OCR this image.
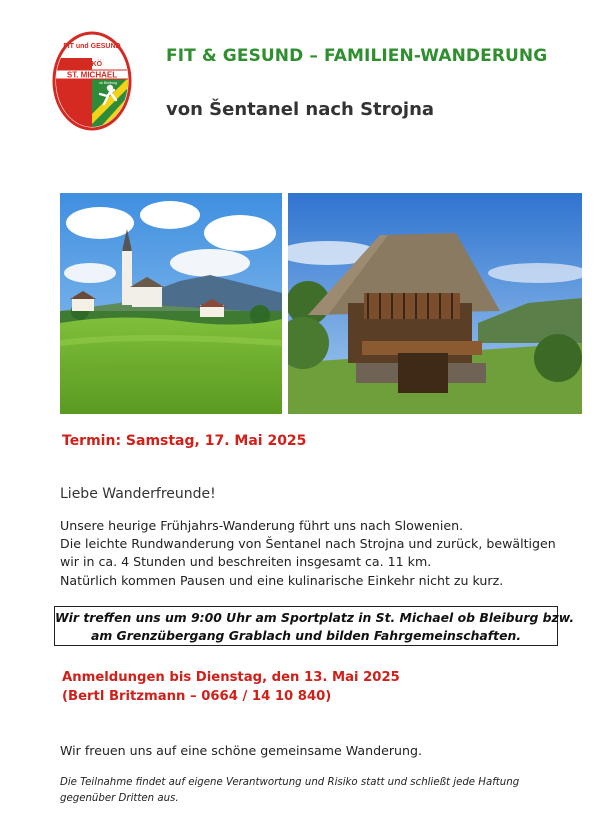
FIT und GESUND
ASKÖ
ST. MICHAEL
ob Bleiburg
FIT & GESUND – FAMILIEN-WANDERUNG
von Šentanel nach Strojna
Termin: Samstag, 17. Mai 2025
Liebe Wanderfreunde!
Unsere heurige Frühjahrs-Wanderung führt uns nach Slowenien.
Die leichte Rundwanderung von Šentanel nach Strojna und zurück, bewältigen
wir in ca. 4 Stunden und beschreiten insgesamt ca. 11 km.
Natürlich kommen Pausen und eine kulinarische Einkehr nicht zu kurz.
Wir treffen uns um 9:00 Uhr am Sportplatz in St. Michael ob Bleiburg bzw.
am Grenzübergang Grablach und bilden Fahrgemeinschaften.
Anmeldungen bis Dienstag, den 13. Mai 2025
(Bertl Britzmann – 0664 / 14 10 840)
Wir freuen uns auf eine schöne gemeinsame Wanderung.
Die Teilnahme findet auf eigene Verantwortung und Risiko statt und schließt jede Haftung
gegenüber Dritten aus.
